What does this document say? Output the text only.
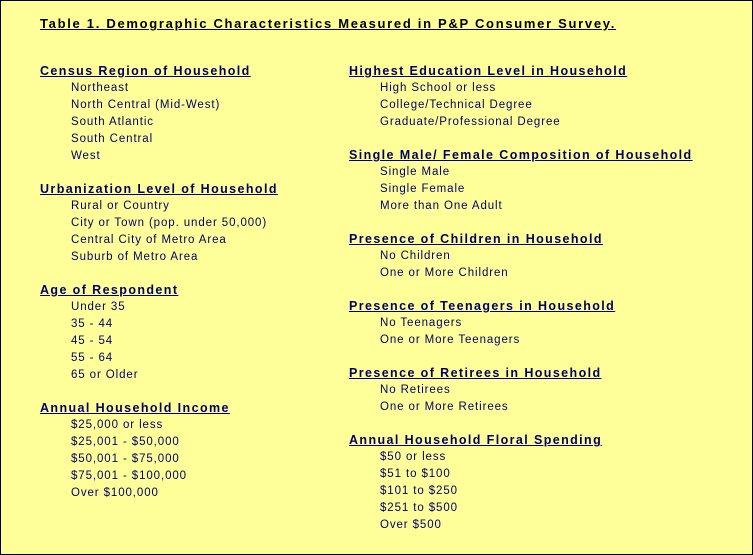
Table 1. Demographic Characteristics Measured in P&P Consumer Survey.
Census Region of Household
Northeast
North Central (Mid-West)
South Atlantic
South Central
West
Urbanization Level of Household
Rural or Country
City or Town (pop. under 50,000)
Central City of Metro Area
Suburb of Metro Area
Age of Respondent
Under 35
35 - 44
45 - 54
55 - 64
65 or Older
Annual Household Income
$25,000 or less
$25,001 - $50,000
$50,001 - $75,000
$75,001 - $100,000
Over $100,000
Highest Education Level in Household
High School or less
College/Technical Degree
Graduate/Professional Degree
Single Male/ Female Composition of Household
Single Male
Single Female
More than One Adult
Presence of Children in Household
No Children
One or More Children
Presence of Teenagers in Household
No Teenagers
One or More Teenagers
Presence of Retirees in Household
No Retirees
One or More Retirees
Annual Household Floral Spending
$50 or less
$51 to $100
$101 to $250
$251 to $500
Over $500
